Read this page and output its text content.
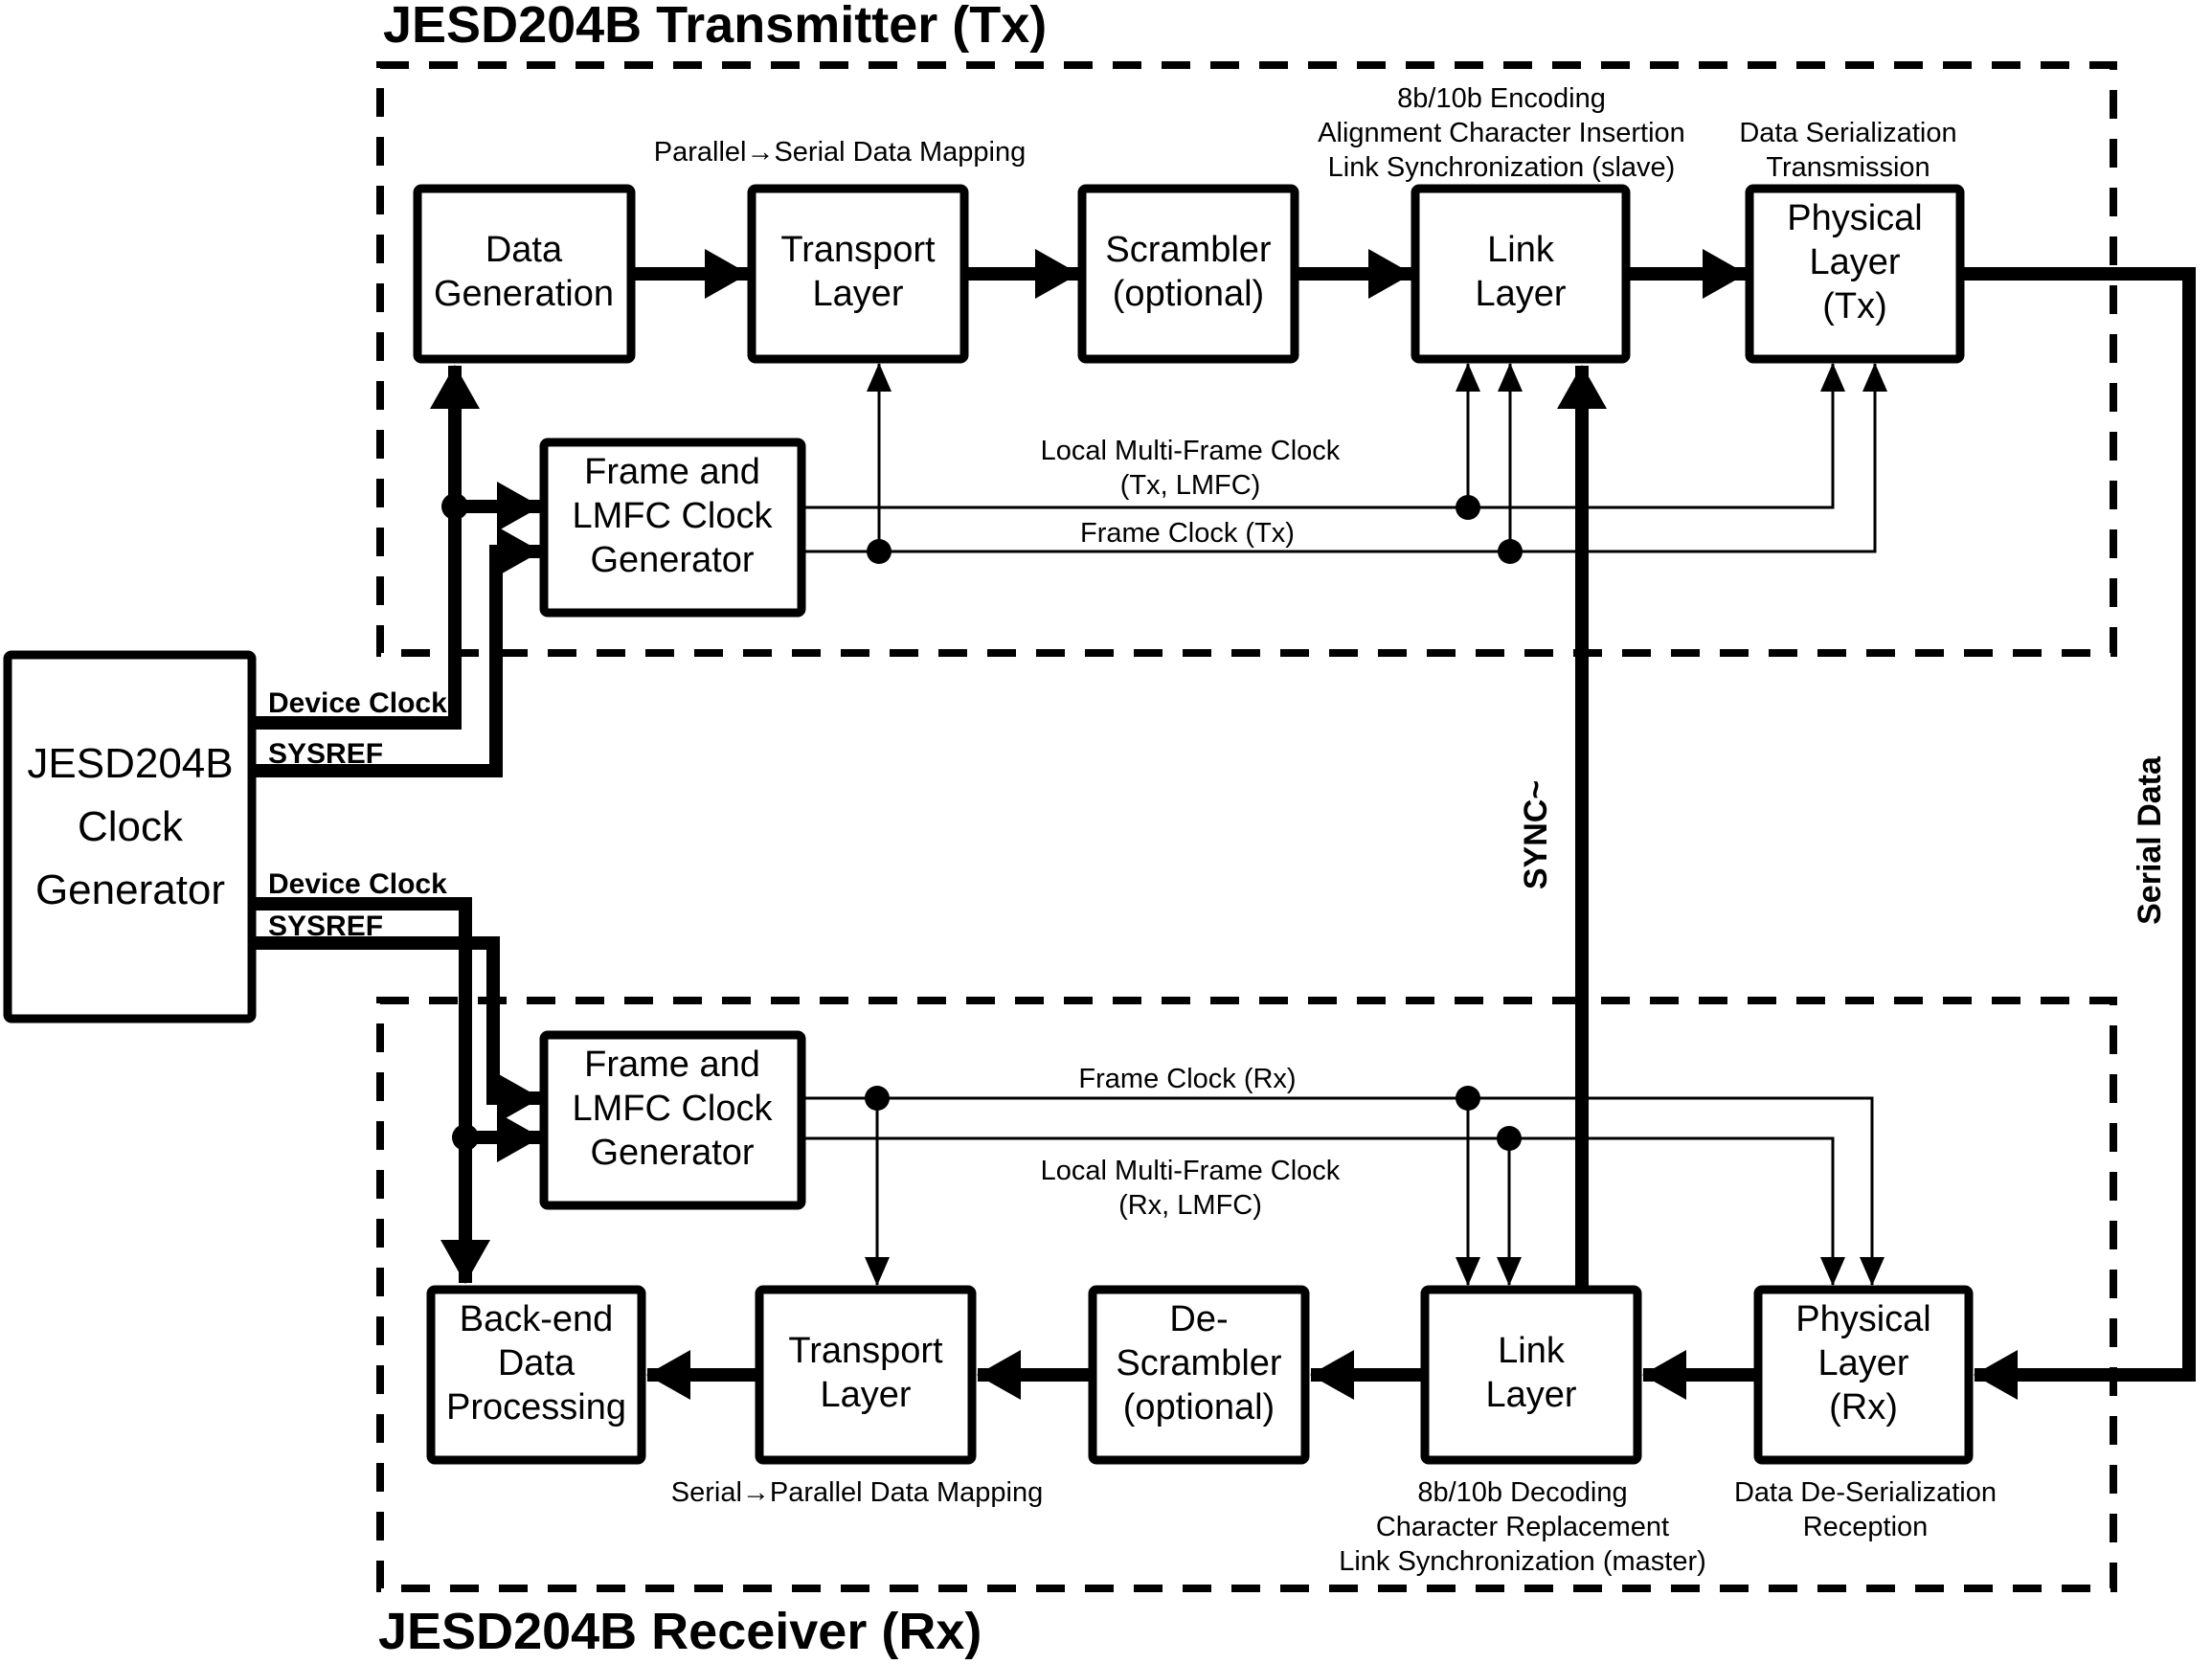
JESD204B
Clock
Generator
Data
Generation
Transport
Layer
Scrambler
(optional)
Link
Layer
Physical
Layer
(Tx)
Frame and
LMFC Clock
Generator
Frame and
LMFC Clock
Generator
Back-end
Data
Processing
Transport
Layer
De-
Scrambler
(optional)
Link
Layer
Physical
Layer
(Rx)
JESD204B Transmitter (Tx)
JESD204B Receiver (Rx)
Parallel→Serial Data Mapping
8b/10b Encoding
Alignment Character Insertion
Link Synchronization (slave)
Data Serialization
Transmission
Local Multi-Frame Clock
(Tx, LMFC)
Frame Clock (Tx)
Frame Clock (Rx)
Local Multi-Frame Clock
(Rx, LMFC)
Serial→Parallel Data Mapping	8b/10b Decoding
Character Replacement
Link Synchronization (master)
Data De-Serialization
Reception
Device Clock
SYSREF
Device Clock
SYSREF
SYNC~	Serial Data
